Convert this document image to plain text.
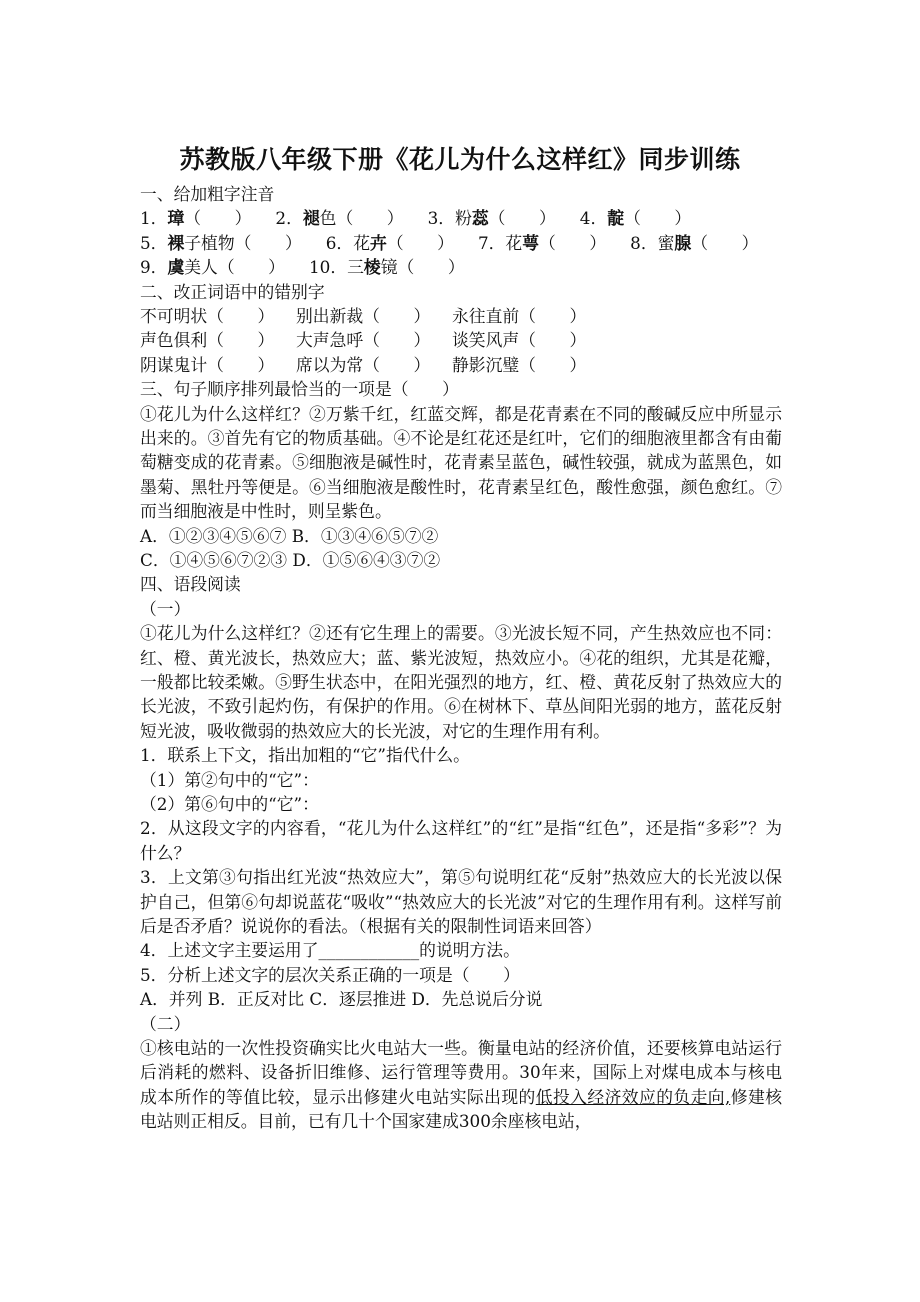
苏教版八年级下册《花儿为什么这样红》同步训练
一、给加粗字注音
1．璋（　　） 2．褪色（　　） 3．粉蕊（　　） 4．靛（　　）
5．裸子植物（　　） 6．花卉（　　） 7．花萼（　　） 8．蜜腺（　　）
9．虞美人（　　） 10．三棱镜（　　）
二、改正词语中的错别字
不可明状（　　） 别出新裁（　　） 永往直前（　　）
声色俱利（　　） 大声急呼（　　） 谈笑风声（　　）
阴谋鬼计（　　） 席以为常（　　） 静影沉璧（　　）
三、句子顺序排列最恰当的一项是（　　）
①花儿为什么这样红？②万紫千红，红蓝交辉，都是花青素在不同的酸碱反应中所显示出来的。③首先有它的物质基础。④不论是红花还是红叶，它们的细胞液里都含有由葡萄糖变成的花青素。⑤细胞液是碱性时，花青素呈蓝色，碱性较强，就成为蓝黑色，如墨菊、黑牡丹等便是。⑥当细胞液是酸性时，花青素呈红色，酸性愈强，颜色愈红。⑦而当细胞液是中性时，则呈紫色。
A．①②③④⑤⑥⑦ B．①③④⑥⑤⑦②
C．①④⑤⑥⑦②③ D．①⑤⑥④③⑦②
四、语段阅读
（一）
①花儿为什么这样红？②还有它生理上的需要。③光波长短不同，产生热效应也不同：红、橙、黄光波长，热效应大；蓝、紫光波短，热效应小。④花的组织，尤其是花瓣，一般都比较柔嫩。⑤野生状态中，在阳光强烈的地方，红、橙、黄花反射了热效应大的长光波，不致引起灼伤，有保护的作用。⑥在树林下、草丛间阳光弱的地方，蓝花反射短光波，吸收微弱的热效应大的长光波，对它的生理作用有利。
1．联系上下文，指出加粗的“它”指代什么。
（1）第②句中的“它”：
（2）第⑥句中的“它”：
2．从这段文字的内容看，“花儿为什么这样红”的“红”是指“红色”，还是指“多彩”？为什么？
3．上文第③句指出红光波“热效应大”，第⑤句说明红花“反射”热效应大的长光波以保护自己，但第⑥句却说蓝花“吸收”“热效应大的长光波”对它的生理作用有利。这样写前后是否矛盾？说说你的看法。（根据有关的限制性词语来回答）
4．上述文字主要运用了____________的说明方法。
5．分析上述文字的层次关系正确的一项是（　　）
A．并列 B．正反对比 C．逐层推进 D．先总说后分说
（二）
①核电站的一次性投资确实比火电站大一些。衡量电站的经济价值，还要核算电站运行后消耗的燃料、设备折旧维修、运行管理等费用。30年来，国际上对煤电成本与核电成本所作的等值比较，显示出修建火电站实际出现的低投入经济效应的负走向,修建核电站则正相反。目前，已有几十个国家建成300余座核电站，
